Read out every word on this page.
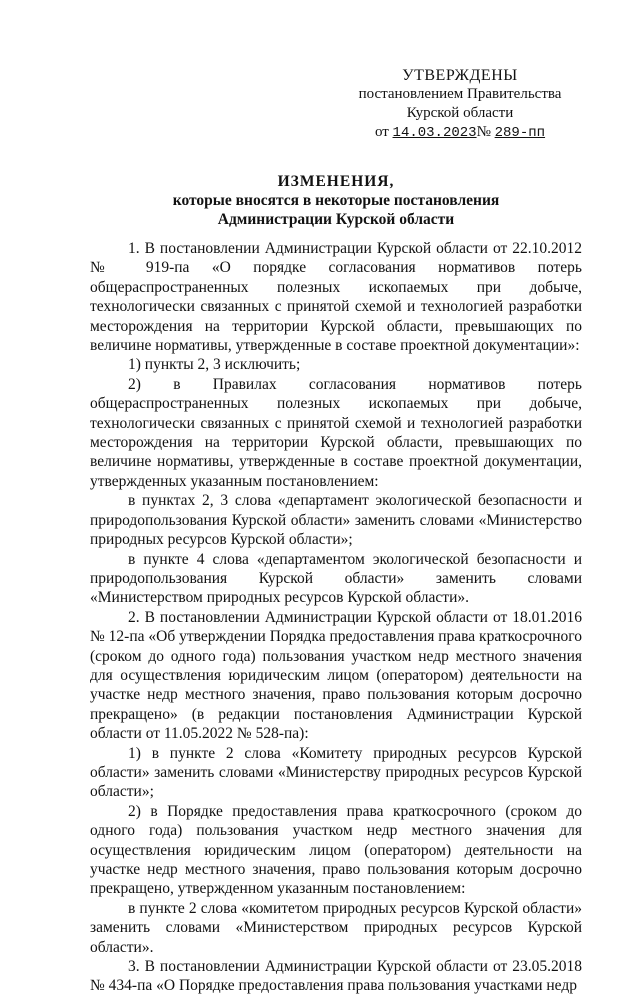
УТВЕРЖДЕНЫ
постановлением Правительства
Курской области
от 14.03.2023№ 289-пп
ИЗМЕНЕНИЯ,
которые вносятся в некоторые постановления
Администрации Курской области

1. В постановлении Администрации Курской области от 22.10.2012 № 919-па «О порядке согласования нормативов потерь общераспространенных полезных ископаемых при добыче, технологически связанных с принятой схемой и технологией разработки месторождения на территории Курской области, превышающих по величине нормативы, утвержденные в составе проектной документации»:

1) пункты 2, 3 исключить;

2) в Правилах согласования нормативов потерь общераспространенных полезных ископаемых при добыче, технологически связанных с принятой схемой и технологией разработки месторождения на территории Курской области, превышающих по величине нормативы, утвержденные в составе проектной документации, утвержденных указанным постановлением:

в пунктах 2, 3 слова «департамент экологической безопасности и природопользования Курской области» заменить словами «Министерство природных ресурсов Курской области»;

в пункте 4 слова «департаментом экологической безопасности и природопользования Курской области» заменить словами «Министерством природных ресурсов Курской области».

2. В постановлении Администрации Курской области от 18.01.2016 № 12-па «Об утверждении Порядка предоставления права краткосрочного (сроком до одного года) пользования участком недр местного значения для осуществления юридическим лицом (оператором) деятельности на участке недр местного значения, право пользования которым досрочно прекращено» (в редакции постановления Администрации Курской области от 11.05.2022 № 528-па):

1) в пункте 2 слова «Комитету природных ресурсов Курской области» заменить словами «Министерству природных ресурсов Курской области»;

2) в Порядке предоставления права краткосрочного (сроком до одного года) пользования участком недр местного значения для осуществления юридическим лицом (оператором) деятельности на участке недр местного значения, право пользования которым досрочно прекращено, утвержденном указанным постановлением:

в пункте 2 слова «комитетом природных ресурсов Курской области» заменить словами «Министерством природных ресурсов Курской области».

3. В постановлении Администрации Курской области от 23.05.2018 № 434-па «О Порядке предоставления права пользования участками недр
